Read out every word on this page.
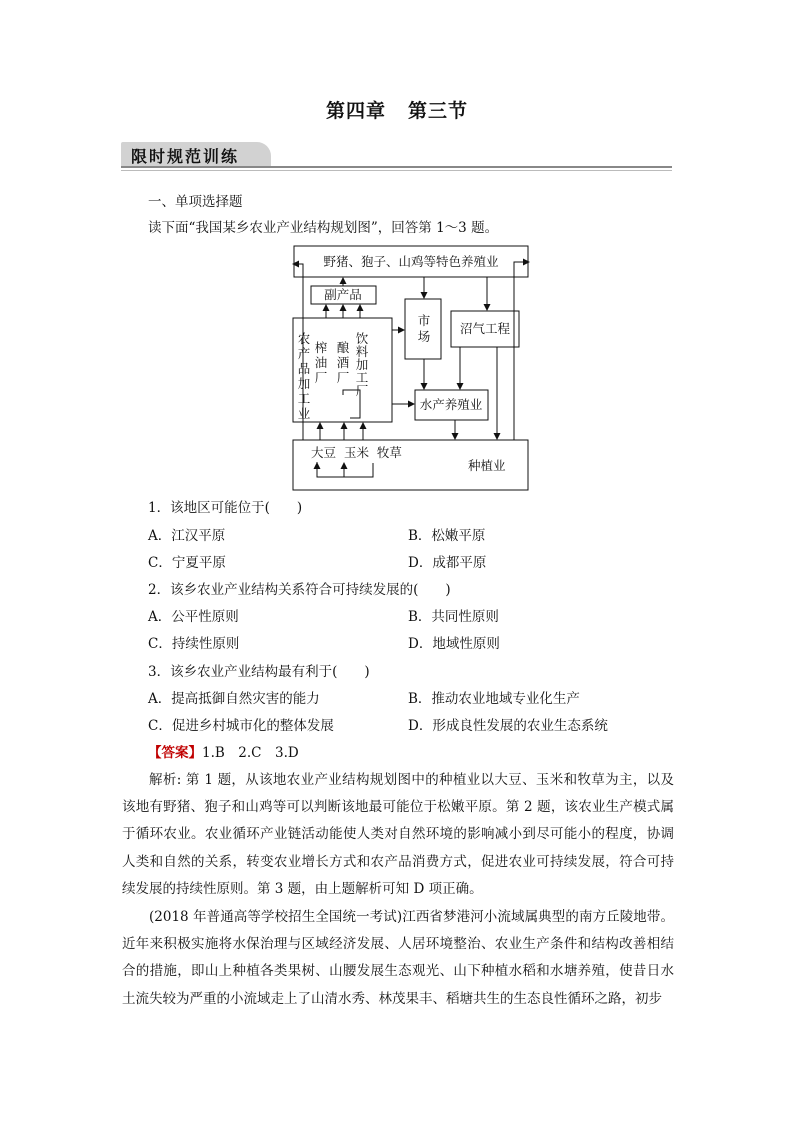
第四章 第三节
限时规范训练
一、单项选择题
读下面“我国某乡农业产业结构规划图”，回答第 1～3 题。
野猪、狍子、山鸡等特色养殖业
副产品
沼气工程
水产养殖业
大豆  玉米  牧草
种植业
农
产
品
加
工
业
榨
油
厂
酿
酒
厂
饮
料
加
工
厂
市
场
1．该地区可能位于(　　)
A．江汉平原	B．松嫩平原
C．宁夏平原	D．成都平原
2．该乡农业产业结构关系符合可持续发展的(　　)
A．公平性原则	B．共同性原则
C．持续性原则	D．地域性原则
3．该乡农业产业结构最有利于(　　)
A．提高抵御自然灾害的能力	B．推动农业地域专业化生产
C．促进乡村城市化的整体发展	D．形成良性发展的农业生态系统
【答案】1.B　2.C　3.D
解析: 第 1 题，从该地农业产业结构规划图中的种植业以大豆、玉米和牧草为主，以及该地有野猪、狍子和山鸡等可以判断该地最可能位于松嫩平原。第 2 题，该农业生产模式属于循环农业。农业循环产业链活动能使人类对自然环境的影响减小到尽可能小的程度，协调人类和自然的关系，转变农业增长方式和农产品消费方式，促进农业可持续发展，符合可持续发展的持续性原则。第 3 题，由上题解析可知 D 项正确。
(2018 年普通高等学校招生全国统一考试)江西省梦港河小流域属典型的南方丘陵地带。近年来积极实施将水保治理与区域经济发展、人居环境整治、农业生产条件和结构改善相结合的措施，即山上种植各类果树、山腰发展生态观光、山下种植水稻和水塘养殖，使昔日水土流失较为严重的小流域走上了山清水秀、林茂果丰、稻塘共生的生态良性循环之路，初步
